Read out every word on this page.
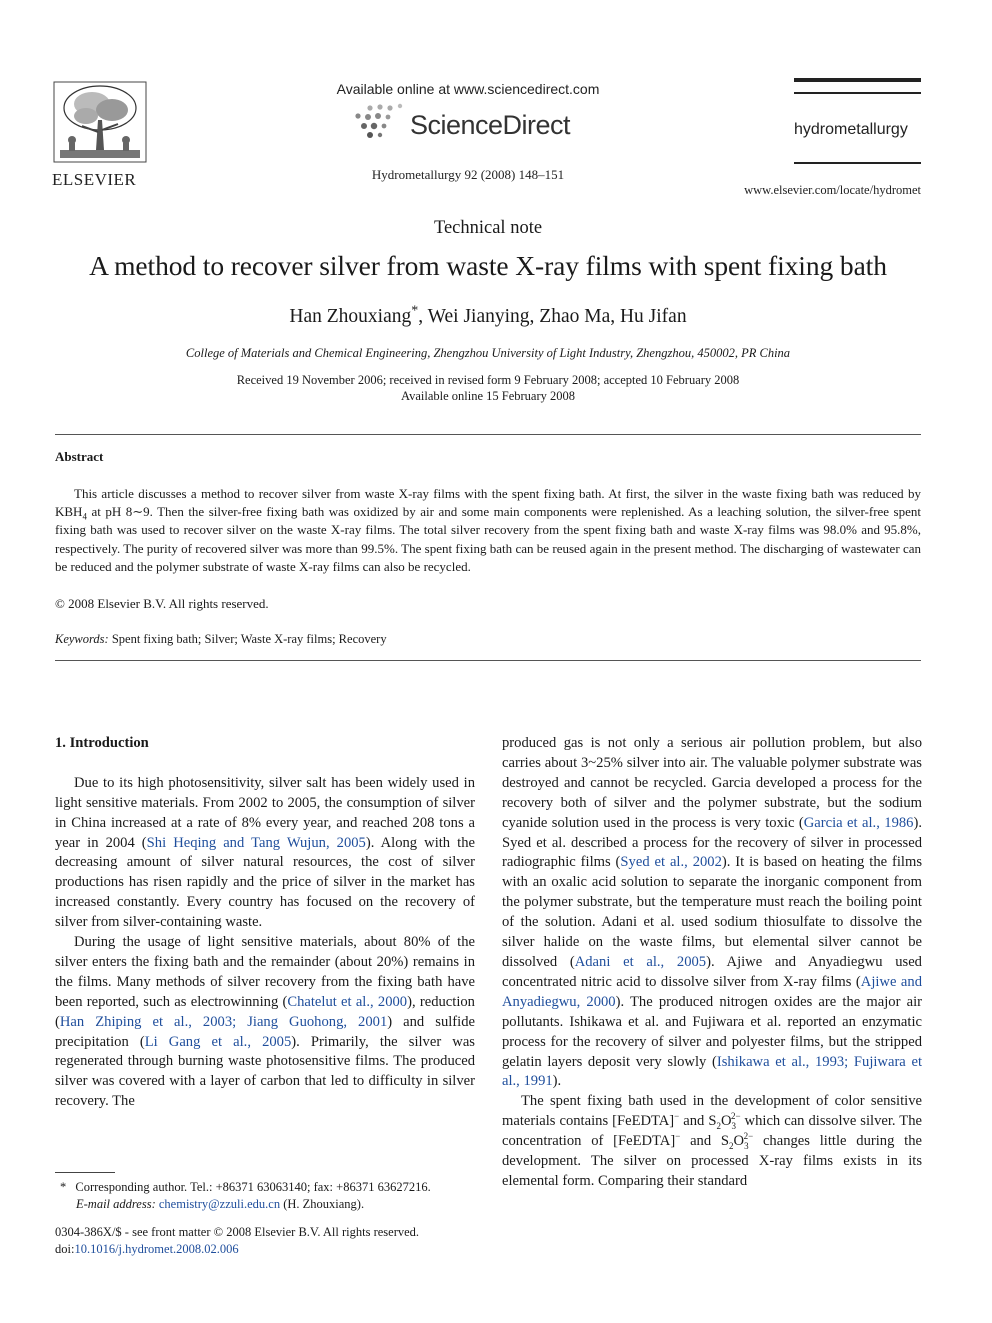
ELSEVIER
Available online at www.sciencedirect.com
ScienceDirect
Hydrometallurgy 92 (2008) 148–151
hydrometallurgy
www.elsevier.com/locate/hydromet
Technical note
A method to recover silver from waste X-ray films with spent fixing bath
Han Zhouxiang*, Wei Jianying, Zhao Ma, Hu Jifan
College of Materials and Chemical Engineering, Zhengzhou University of Light Industry, Zhengzhou, 450002, PR China
Received 19 November 2006; received in revised form 9 February 2008; accepted 10 February 2008
Available online 15 February 2008
Abstract
This article discusses a method to recover silver from waste X-ray films with the spent fixing bath. At first, the silver in the waste fixing bath was reduced by $KBH_4$ at pH 8∼9. Then the silver-free fixing bath was oxidized by air and some main components were replenished. As a leaching solution, the silver-free spent fixing bath was used to recover silver on the waste X-ray films. The total silver recovery from the spent fixing bath and waste X-ray films was 98.0% and 95.8%, respectively. The purity of recovered silver was more than 99.5%. The spent fixing bath can be reused again in the present method. The discharging of wastewater can be reduced and the polymer substrate of waste X-ray films can also be recycled.
© 2008 Elsevier B.V. All rights reserved.
Keywords: Spent fixing bath; Silver; Waste X-ray films; Recovery

1. Introduction

Due to its high photosensitivity, silver salt has been widely used in light sensitive materials. From 2002 to 2005, the consumption of silver in China increased at a rate of 8% every year, and reached 208 tons a year in 2004 (Shi Heqing and Tang Wujun, 2005). Along with the decreasing amount of silver natural resources, the cost of silver productions has risen rapidly and the price of silver in the market has increased constantly. Every country has focused on the recovery of silver from silver-containing waste.

During the usage of light sensitive materials, about 80% of the silver enters the fixing bath and the remainder (about 20%) remains in the films. Many methods of silver recovery from the fixing bath have been reported, such as electrowinning (Chatelut et al., 2000), reduction (Han Zhiping et al., 2003; Jiang Guohong, 2001) and sulfide precipitation (Li Gang et al., 2005). Primarily, the silver was regenerated through burning waste photosensitive films. The produced silver was covered with a layer of carbon that led to difficulty in silver recovery. The

produced gas is not only a serious air pollution problem, but also carries about 3~25% silver into air. The valuable polymer substrate was destroyed and cannot be recycled. Garcia developed a process for the recovery both of silver and the polymer substrate, but the sodium cyanide solution used in the process is very toxic (Garcia et al., 1986). Syed et al. described a process for the recovery of silver in processed radiographic films (Syed et al., 2002). It is based on heating the films with an oxalic acid solution to separate the inorganic component from the polymer substrate, but the temperature must reach the boiling point of the solution. Adani et al. used sodium thiosulfate to dissolve the silver halide on the waste films, but elemental silver cannot be dissolved (Adani et al., 2005). Ajiwe and Anyadiegwu used concentrated nitric acid to dissolve silver from X-ray films (Ajiwe and Anyadiegwu, 2000). The produced nitrogen oxides are the major air pollutants. Ishikawa et al. and Fujiwara et al. reported an enzymatic process for the recovery of silver and polyester films, but the stripped gelatin layers deposit very slowly (Ishikawa et al., 1993; Fujiwara et al., 1991).

The spent fixing bath used in the development of color sensitive materials contains [FeEDTA]− and $S_2O_3^{2-}$ which can dissolve silver. The concentration of [FeEDTA]− and $S_2O_3^{2-}$ changes little during the development. The silver on processed X-ray films exists in its elemental form. Comparing their standard

* Corresponding author. Tel.: +86371 63063140; fax: +86371 63627216.
E-mail address: chemistry@zzuli.edu.cn (H. Zhouxiang).
0304-386X/$ - see front matter © 2008 Elsevier B.V. All rights reserved.
doi:10.1016/j.hydromet.2008.02.006
